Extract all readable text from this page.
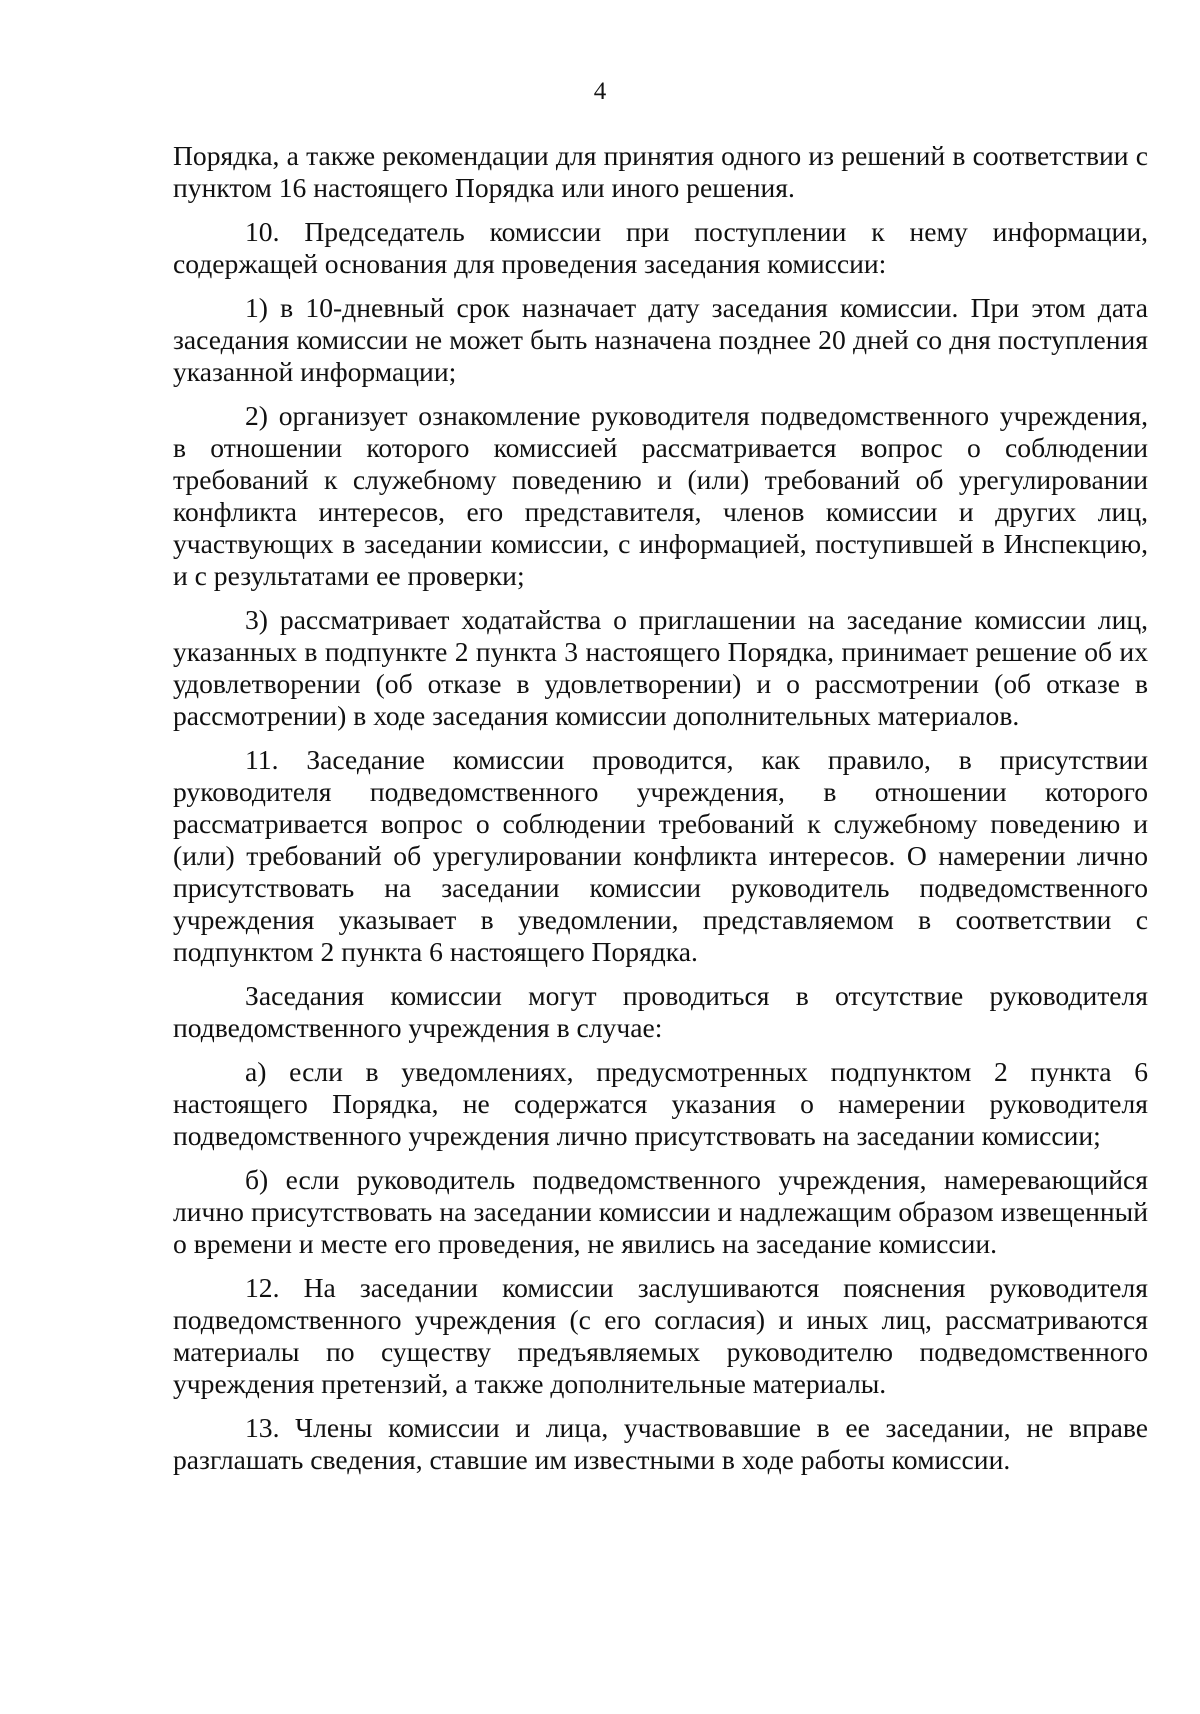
4

Порядка, а также рекомендации для принятия одного из решений в соответствии с пунктом 16 настоящего Порядка или иного решения.

10. Председатель комиссии при поступлении к нему информации, содержащей основания для проведения заседания комиссии:

1) в 10-дневный срок назначает дату заседания комиссии. При этом дата заседания комиссии не может быть назначена позднее 20 дней со дня поступления указанной информации;

2) организует ознакомление руководителя подведомственного учреждения, в отношении которого комиссией рассматривается вопрос о соблюдении требований к служебному поведению и (или) требований об урегулировании конфликта интересов, его представителя, членов комиссии и других лиц, участвующих в заседании комиссии, с информацией, поступившей в Инспекцию, и с результатами ее проверки;

3) рассматривает ходатайства о приглашении на заседание комиссии лиц, указанных в подпункте 2 пункта 3 настоящего Порядка, принимает решение об их удовлетворении (об отказе в удовлетворении) и о рассмотрении (об отказе в рассмотрении) в ходе заседания комиссии дополнительных материалов.

11. Заседание комиссии проводится, как правило, в присутствии руководителя подведомственного учреждения, в отношении которого рассматривается вопрос о соблюдении требований к служебному поведению и (или) требований об урегулировании конфликта интересов. О намерении лично присутствовать на заседании комиссии руководитель подведомственного учреждения указывает в уведомлении, представляемом в соответствии с подпунктом 2 пункта 6 настоящего Порядка.

Заседания комиссии могут проводиться в отсутствие руководителя подведомственного учреждения в случае:

а) если в уведомлениях, предусмотренных подпунктом 2 пункта 6 настоящего Порядка, не содержатся указания о намерении руководителя подведомственного учреждения лично присутствовать на заседании комиссии;

б) если руководитель подведомственного учреждения, намеревающийся лично присутствовать на заседании комиссии и надлежащим образом извещенный о времени и месте его проведения, не явились на заседание комиссии.

12. На заседании комиссии заслушиваются пояснения руководителя подведомственного учреждения (с его согласия) и иных лиц, рассматриваются материалы по существу предъявляемых руководителю подведомственного учреждения претензий, а также дополнительные материалы.

13. Члены комиссии и лица, участвовавшие в ее заседании, не вправе разглашать сведения, ставшие им известными в ходе работы комиссии.
